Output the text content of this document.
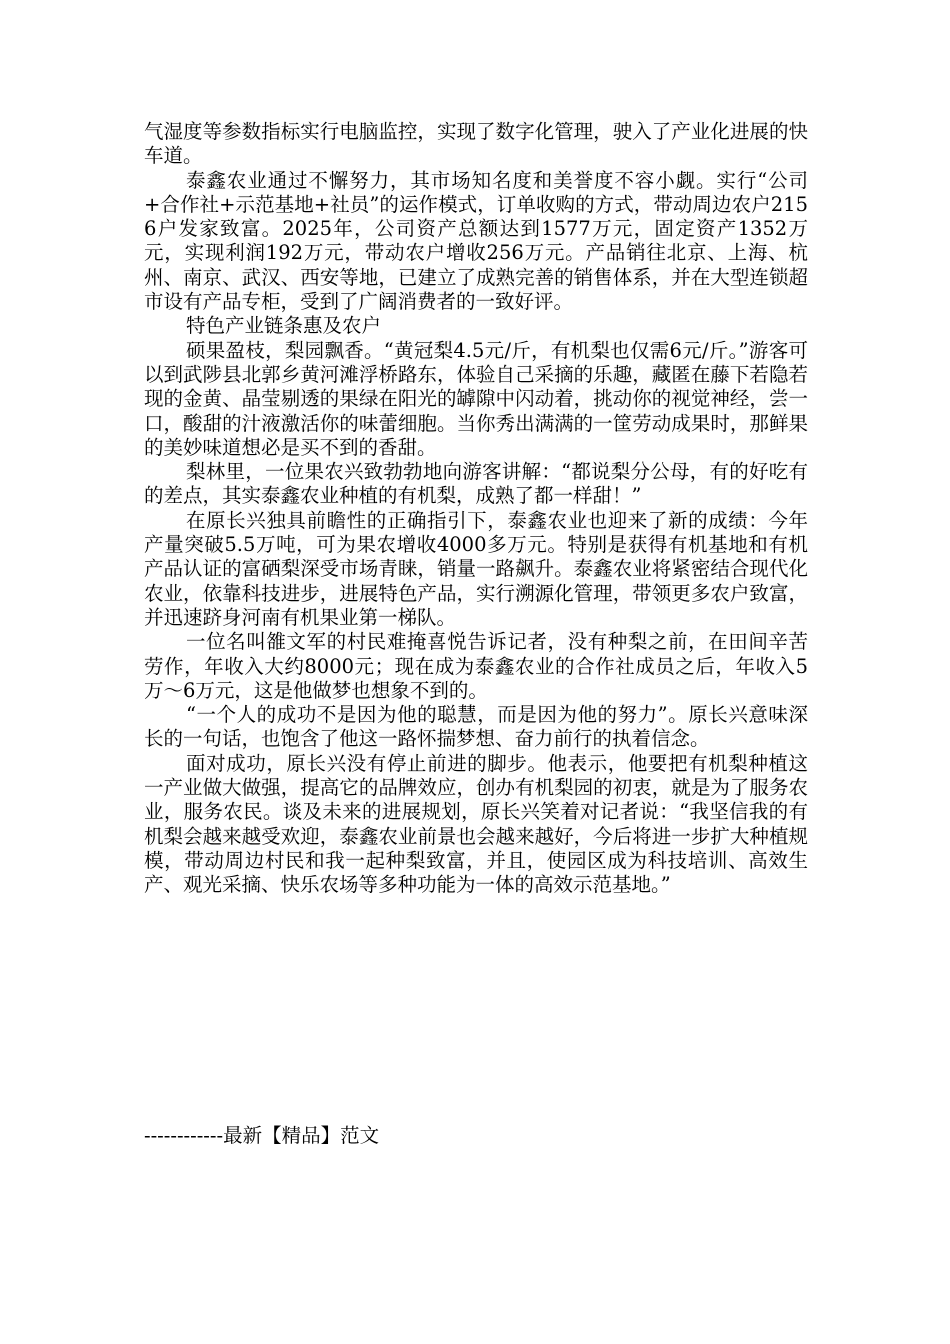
气湿度等参数指标实行电脑监控，实现了数字化管理，驶入了产业化进展的快车道。

泰鑫农业通过不懈努力，其市场知名度和美誉度不容小觑。实行“公司+合作社+示范基地+社员”的运作模式，订单收购的方式，带动周边农户2156户发家致富。2025年，公司资产总额达到1577万元，固定资产1352万元，实现利润192万元，带动农户增收256万元。产品销往北京、上海、杭州、南京、武汉、西安等地，已建立了成熟完善的销售体系，并在大型连锁超市设有产品专柜，受到了广阔消费者的一致好评。

特色产业链条惠及农户

硕果盈枝，梨园飘香。“黄冠梨4.5元/斤，有机梨也仅需6元/斤。”游客可以到武陟县北郭乡黄河滩浮桥路东，体验自己采摘的乐趣，藏匿在藤下若隐若现的金黄、晶莹剔透的果绿在阳光的罅隙中闪动着，挑动你的视觉神经，尝一口，酸甜的汁液激活你的味蕾细胞。当你秀出满满的一筐劳动成果时，那鲜果的美妙味道想必是买不到的香甜。

梨林里，一位果农兴致勃勃地向游客讲解：“都说梨分公母，有的好吃有的差点，其实泰鑫农业种植的有机梨，成熟了都一样甜！”

在原长兴独具前瞻性的正确指引下，泰鑫农业也迎来了新的成绩：今年产量突破5.5万吨，可为果农增收4000多万元。特别是获得有机基地和有机产品认证的富硒梨深受市场青睐，销量一路飙升。泰鑫农业将紧密结合现代化农业，依靠科技进步，进展特色产品，实行溯源化管理，带领更多农户致富，并迅速跻身河南有机果业第一梯队。

一位名叫雒文军的村民难掩喜悦告诉记者，没有种梨之前，在田间辛苦劳作，年收入大约8000元；现在成为泰鑫农业的合作社成员之后，年收入5万～6万元，这是他做梦也想象不到的。

“一个人的成功不是因为他的聪慧，而是因为他的努力”。原长兴意味深长的一句话，也饱含了他这一路怀揣梦想、奋力前行的执着信念。

面对成功，原长兴没有停止前进的脚步。他表示，他要把有机梨种植这一产业做大做强，提高它的品牌效应，创办有机梨园的初衷，就是为了服务农业，服务农民。谈及未来的进展规划，原长兴笑着对记者说：“我坚信我的有机梨会越来越受欢迎，泰鑫农业前景也会越来越好，今后将进一步扩大种植规模，带动周边村民和我一起种梨致富，并且，使园区成为科技培训、高效生产、观光采摘、快乐农场等多种功能为一体的高效示范基地。”

------------最新【精品】范文
